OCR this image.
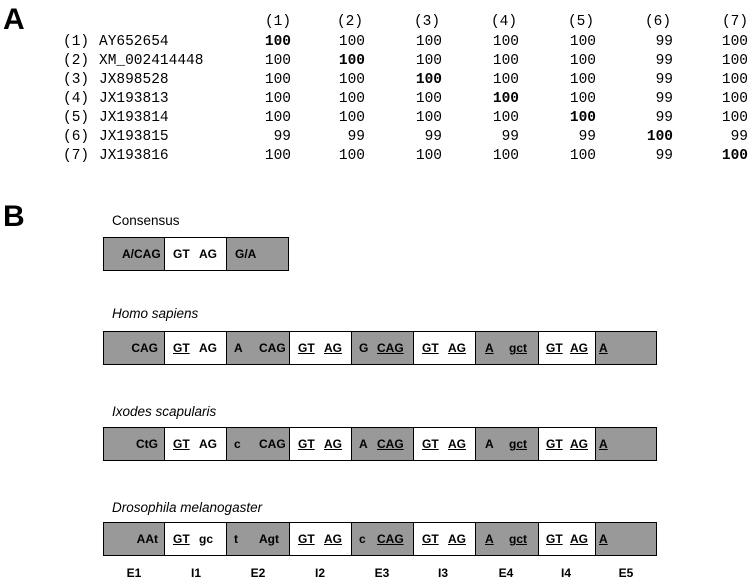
A
B
(1)	(2)	(3)	(4)	(5)	(6)	(7)
(1) AY652654	100	100	100	100	100	99	100
(2) XM_002414448	100	100	100	100	100	99	100
(3) JX898528	100	100	100	100	100	99	100
(4) JX193813	100	100	100	100	100	99	100
(5) JX193814	100	100	100	100	100	99	100
(6) JX193815	99	99	99	99	99	100	99
(7) JX193816	100	100	100	100	100	99	100
Consensus
A/CAG GT AG G/A
Homo sapiens
CAG GT AG A CAG GT AG G CAG GT AG A gct GT AG A
Ixodes scapularis
CtG GT AG c CAG GT AG A CAG GT AG A gct GT AG A
Drosophila melanogaster
AAt GT gc t Agt GT AG c CAG GT AG A gct GT AG A
E1	I1	E2	I2	E3	I3	E4	I4	E5
